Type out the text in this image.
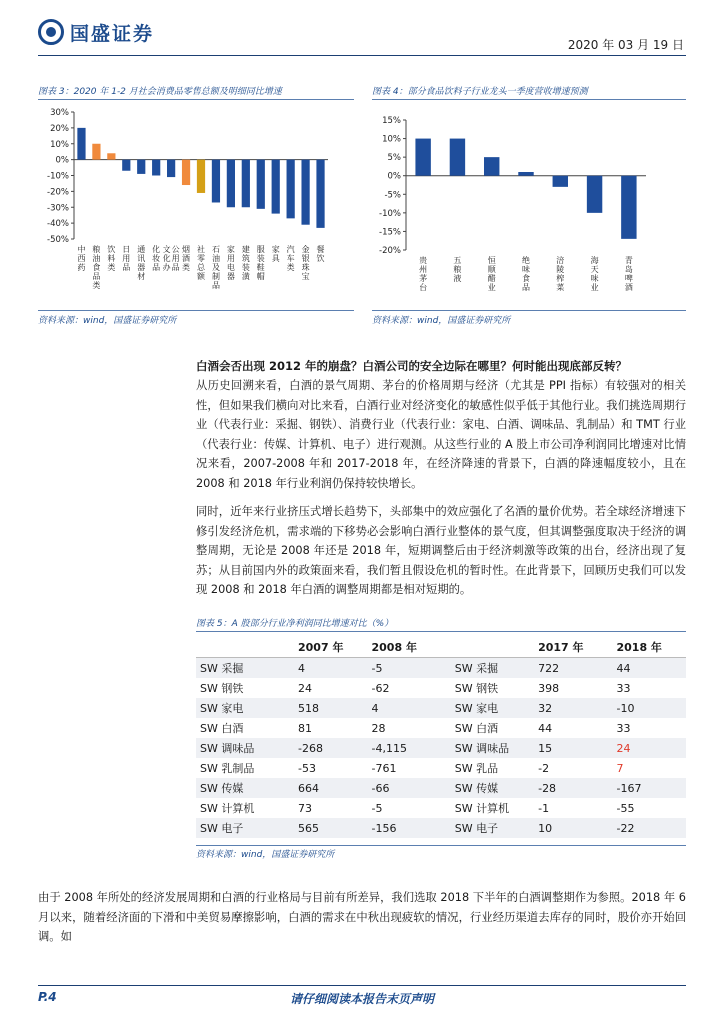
国盛证券
2020 年 03 月 19 日
图表 3：2020 年 1-2 月社会消费品零售总额及明细同比增速
30%
20%
10%
0%
-10%
-20%
-30%
-40%
-50%
中
西
药
粮
油
食
品
类
饮
料
类
日
用
品
通
讯
器
材
化
妆
品
文
化
办
公
用
品
烟
酒
类
社
零
总
额
石
油
及
制
品
家
用
电
器
建
筑
装
潢
服
装
鞋
帽
家
具
汽
车
类
金
银
珠
宝
餐
饮
资料来源：wind，国盛证券研究所
图表 4：部分食品饮料子行业龙头一季度营收增速预测
15%
10%
5%
0%
-5%
-10%
-15%
-20%
贵
州
茅
台
五
粮
液
恒
顺
醋
业
绝
味
食
品
涪
陵
榨
菜
海
天
味
业
青
岛
啤
酒
资料来源：wind，国盛证券研究所
白酒会否出现 2012 年的崩盘？白酒公司的安全边际在哪里？何时能出现底部反转？
从历史回溯来看，白酒的景气周期、茅台的价格周期与经济（尤其是 PPI 指标）有较强对的相关性，但如果我们横向对比来看，白酒行业对经济变化的敏感性似乎低于其他行业。我们挑选周期行业（代表行业：采掘、钢铁）、消费行业（代表行业：家电、白酒、调味品、乳制品）和 TMT 行业（代表行业：传媒、计算机、电子）进行观测。从这些行业的 A 股上市公司净利润同比增速对比情况来看，2007-2008 年和 2017-2018 年，在经济降速的背景下，白酒的降速幅度较小，且在 2008 和 2018 年行业利润仍保持较快增长。
同时，近年来行业挤压式增长趋势下，头部集中的效应强化了名酒的量价优势。若全球经济增速下修引发经济危机，需求端的下移势必会影响白酒行业整体的景气度，但其调整强度取决于经济的调整周期，无论是 2008 年还是 2018 年，短期调整后由于经济刺激等政策的出台，经济出现了复苏；从目前国内外的政策面来看，我们暂且假设危机的暂时性。在此背景下，回顾历史我们可以发现 2008 和 2018 年白酒的调整周期都是相对短期的。
图表 5：A 股部分行业净利润同比增速对比（%）
	2007 年	2008 年		2017 年	2018 年
SW 采掘	4	-5	SW 采掘	722	44
SW 钢铁	24	-62	SW 钢铁	398	33
SW 家电	518	4	SW 家电	32	-10
SW 白酒	81	28	SW 白酒	44	33
SW 调味品	-268	-4,115	SW 调味品	15	24
SW 乳制品	-53	-761	SW 乳品	-2	7
SW 传媒	664	-66	SW 传媒	-28	-167
SW 计算机	73	-5	SW 计算机	-1	-55
SW 电子	565	-156	SW 电子	10	-22
资料来源：wind，国盛证券研究所
由于 2008 年所处的经济发展周期和白酒的行业格局与目前有所差异，我们选取 2018 下半年的白酒调整期作为参照。2018 年 6 月以来，随着经济面的下滑和中美贸易摩擦影响，白酒的需求在中秋出现疲软的情况，行业经历渠道去库存的同时，股价亦开始回调。如
请仔细阅读本报告末页声明
P.4
